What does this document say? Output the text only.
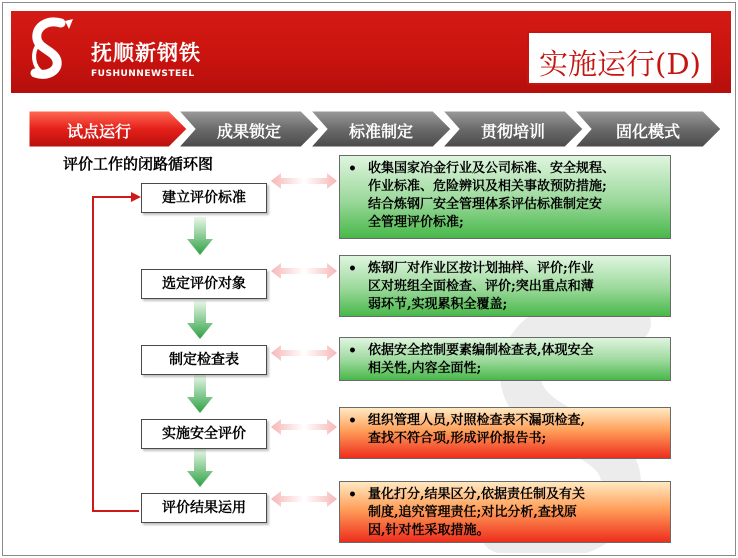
抚顺新钢铁
FUSHUNNEWSTEEL	实施运行(D)
试点运行	成果锁定	标准制定	贯彻培训	固化模式
评价工作的闭路循环图
建立评价标准
选定评价对象
制定检查表
实施安全评价
评价结果运用
• 收集国家冶金行业及公司标准、安全规程、
作业标准、危险辨识及相关事故预防措施;
结合炼钢厂安全管理体系评估标准制定安
全管理评价标准;
• 炼钢厂对作业区按计划抽样、评价;作业
区对班组全面检查、评价;突出重点和薄
弱环节,实现累积全覆盖;
• 依据安全控制要素编制检查表,体现安全
相关性,内容全面性;
• 组织管理人员,对照检查表不漏项检查,
查找不符合项,形成评价报告书;
• 量化打分,结果区分,依据责任制及有关
制度,追究管理责任;对比分析,查找原
因,针对性采取措施。
